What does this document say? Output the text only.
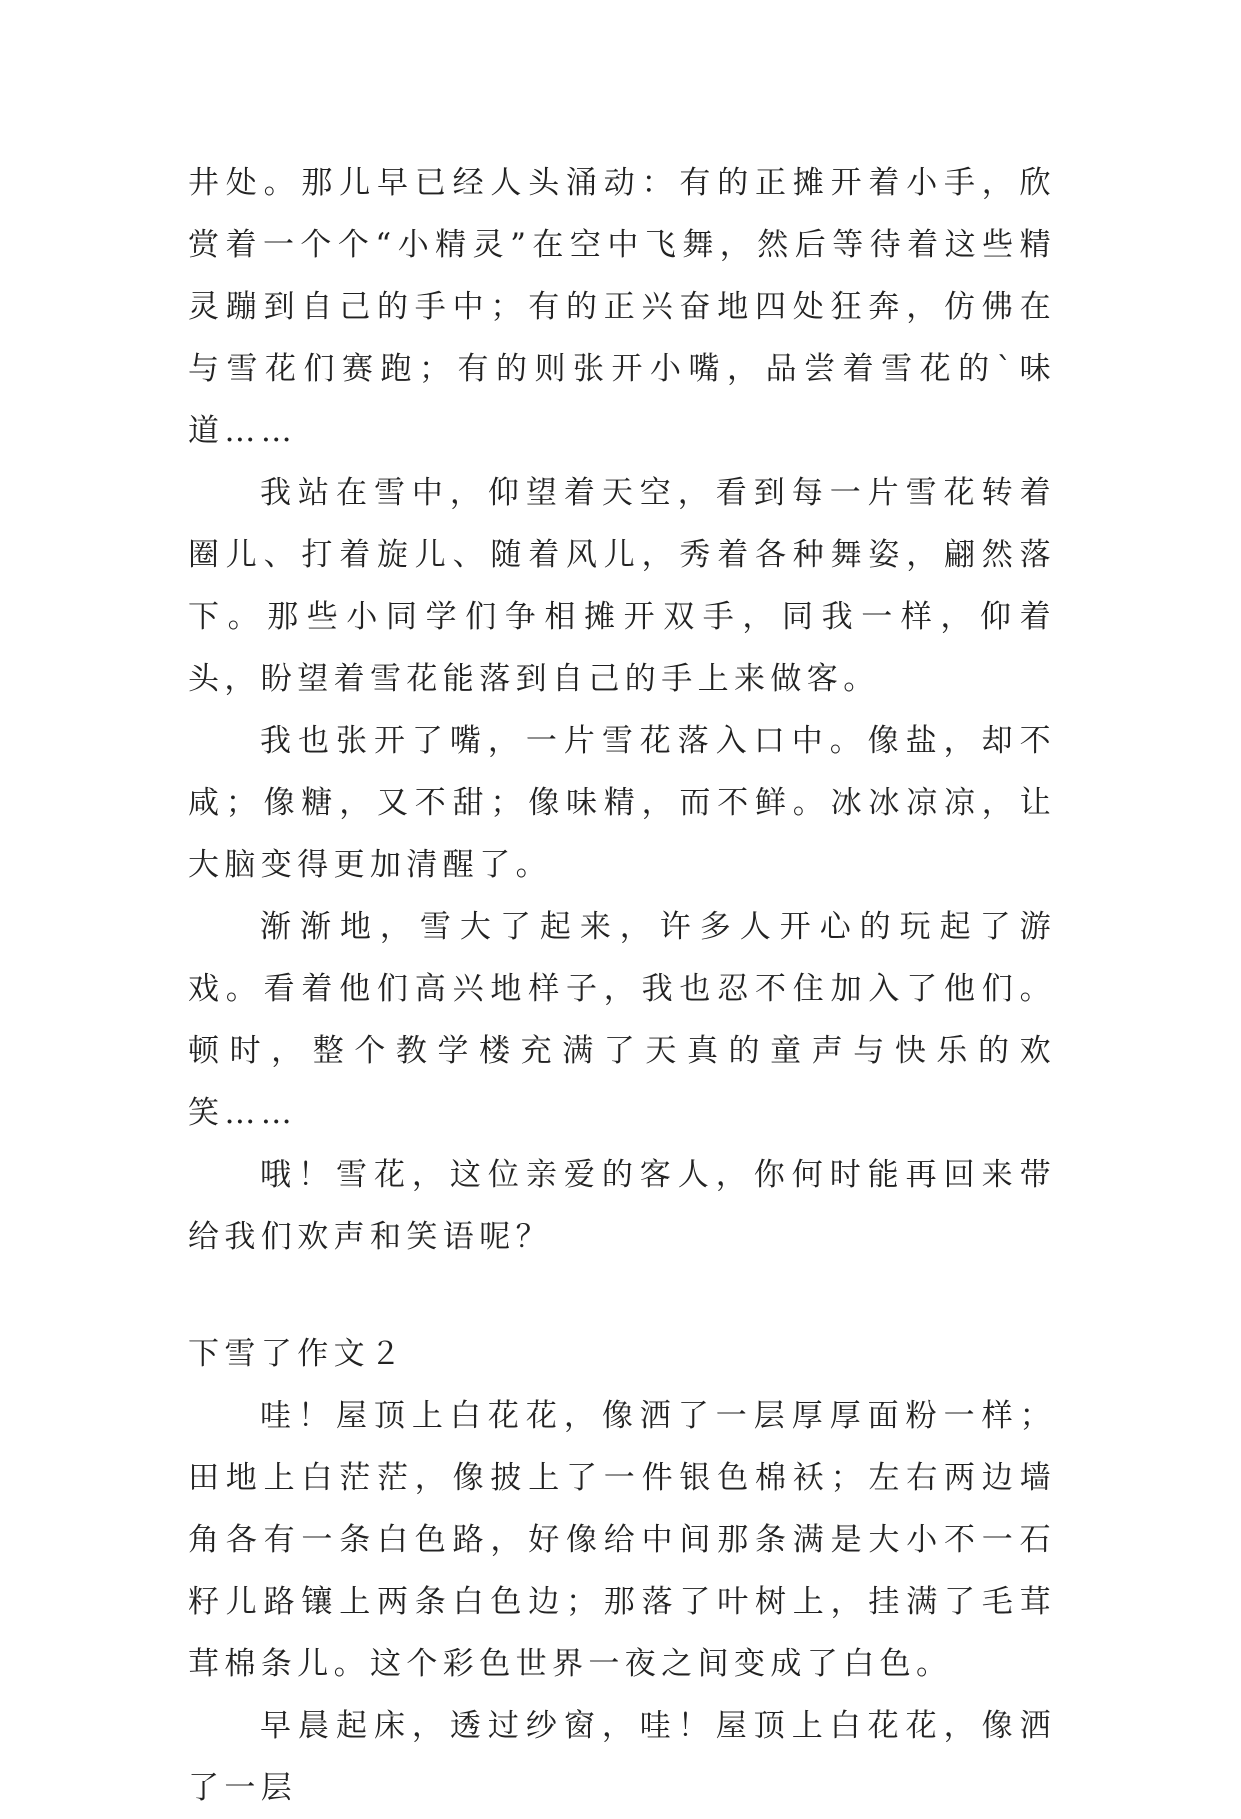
井处。那儿早已经人头涌动：有的正摊开着小手，欣赏着一个个“小精灵”在空中飞舞，然后等待着这些精灵蹦到自己的手中；有的正兴奋地四处狂奔，仿佛在与雪花们赛跑；有的则张开小嘴，品尝着雪花的`味道……

我站在雪中，仰望着天空，看到每一片雪花转着圈儿、打着旋儿、随着风儿，秀着各种舞姿，翩然落下。那些小同学们争相摊开双手，同我一样，仰着头，盼望着雪花能落到自己的手上来做客。

我也张开了嘴，一片雪花落入口中。像盐，却不咸；像糖，又不甜；像味精，而不鲜。冰冰凉凉，让大脑变得更加清醒了。

渐渐地，雪大了起来，许多人开心的玩起了游戏。看着他们高兴地样子，我也忍不住加入了他们。顿时，整个教学楼充满了天真的童声与快乐的欢笑……

哦！雪花，这位亲爱的客人，你何时能再回来带给我们欢声和笑语呢？

下雪了作文２

哇！屋顶上白花花，像洒了一层厚厚面粉一样；田地上白茫茫，像披上了一件银色棉袄；左右两边墙角各有一条白色路，好像给中间那条满是大小不一石籽儿路镶上两条白色边；那落了叶树上，挂满了毛茸茸棉条儿。这个彩色世界一夜之间变成了白色。

早晨起床，透过纱窗，哇！屋顶上白花花，像洒了一层
